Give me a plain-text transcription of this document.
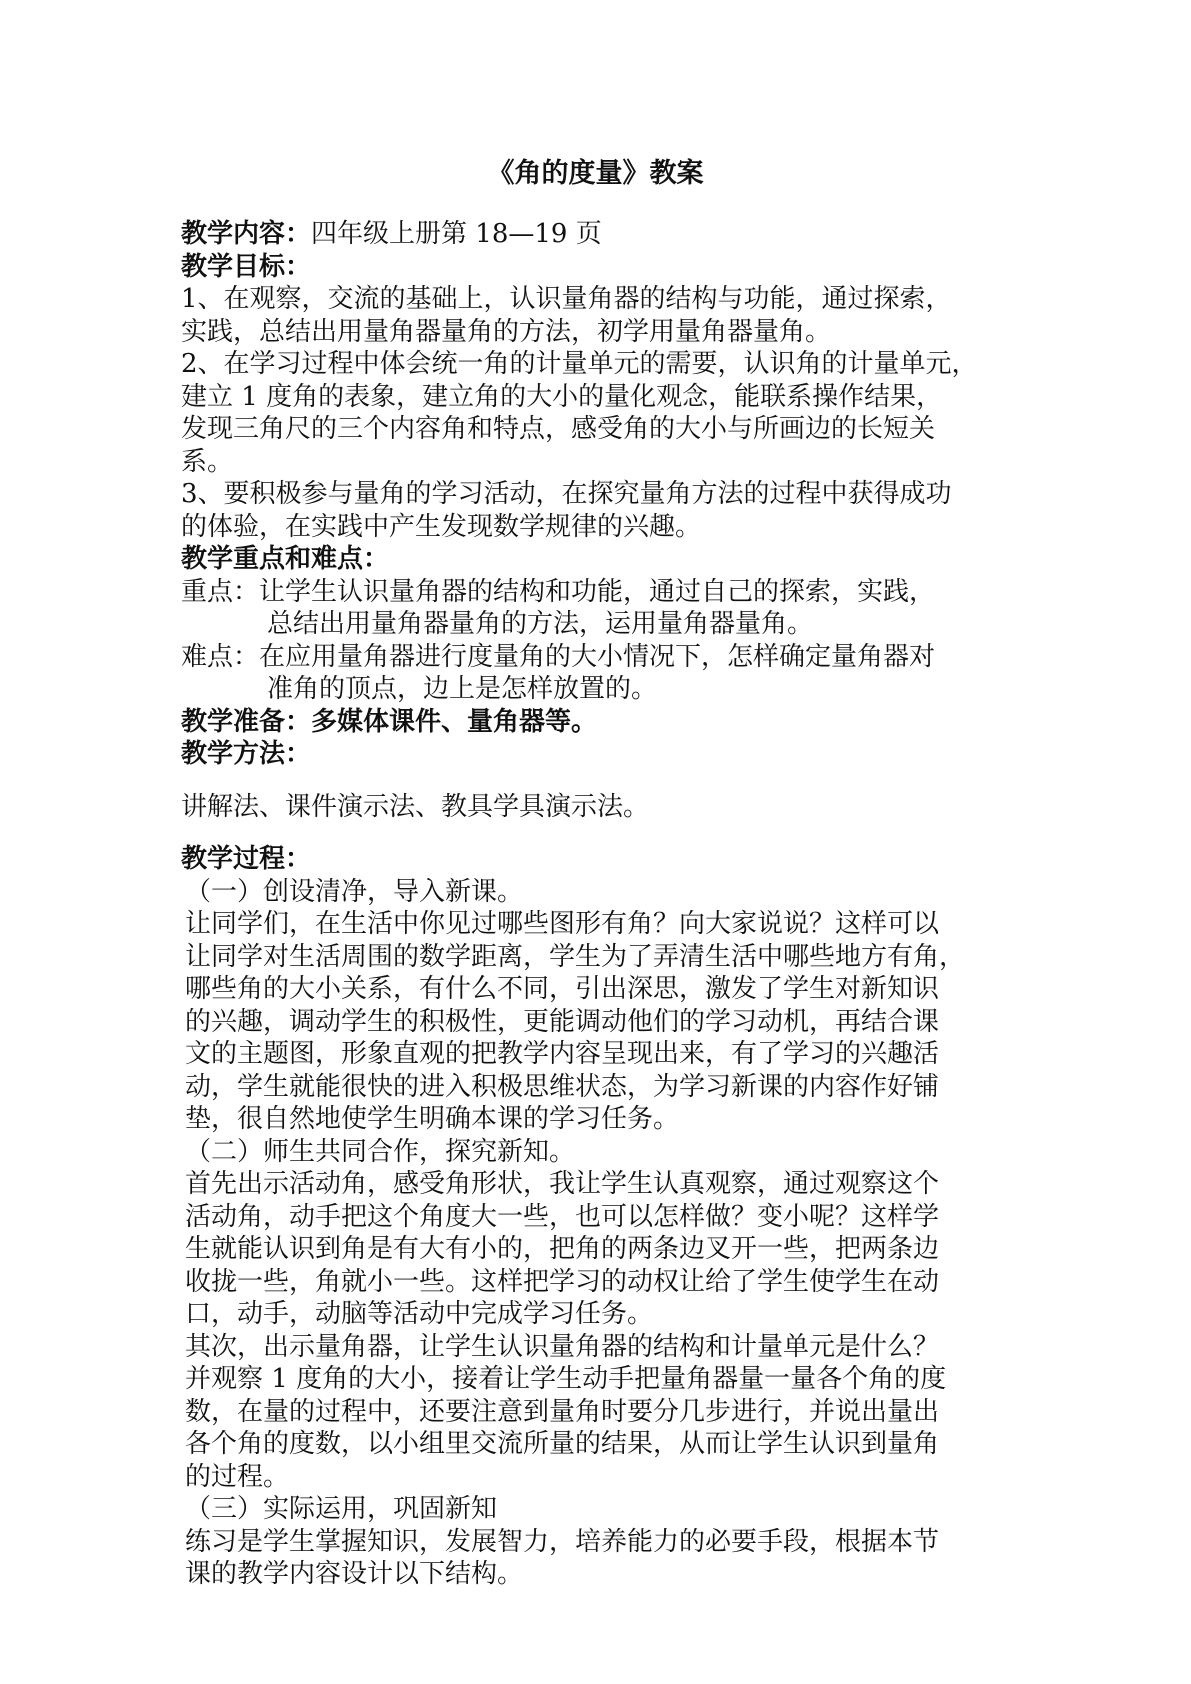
《角的度量》教案
教学内容：四年级上册第 18—19 页
教学目标：
1、在观察，交流的基础上，认识量角器的结构与功能，通过探索，
实践，总结出用量角器量角的方法，初学用量角器量角。
2、在学习过程中体会统一角的计量单元的需要，认识角的计量单元，
建立 1 度角的表象，建立角的大小的量化观念，能联系操作结果，
发现三角尺的三个内容角和特点，感受角的大小与所画边的长短关
系。
3、要积极参与量角的学习活动，在探究量角方法的过程中获得成功
的体验，在实践中产生发现数学规律的兴趣。
教学重点和难点：
重点：让学生认识量角器的结构和功能，通过自己的探索，实践，
总结出用量角器量角的方法，运用量角器量角。
难点：在应用量角器进行度量角的大小情况下，怎样确定量角器对
准角的顶点，边上是怎样放置的。
教学准备：多媒体课件、量角器等。
教学方法：
讲解法、课件演示法、教具学具演示法。
教学过程：
（一）创设清净，导入新课。
让同学们，在生活中你见过哪些图形有角？向大家说说？这样可以
让同学对生活周围的数学距离，学生为了弄清生活中哪些地方有角，
哪些角的大小关系，有什么不同，引出深思，激发了学生对新知识
的兴趣，调动学生的积极性，更能调动他们的学习动机，再结合课
文的主题图，形象直观的把教学内容呈现出来，有了学习的兴趣活
动，学生就能很快的进入积极思维状态，为学习新课的内容作好铺
垫，很自然地使学生明确本课的学习任务。
（二）师生共同合作，探究新知。
首先出示活动角，感受角形状，我让学生认真观察，通过观察这个
活动角，动手把这个角度大一些，也可以怎样做？变小呢？这样学
生就能认识到角是有大有小的，把角的两条边叉开一些，把两条边
收拢一些，角就小一些。这样把学习的动权让给了学生使学生在动
口，动手，动脑等活动中完成学习任务。
其次，出示量角器，让学生认识量角器的结构和计量单元是什么？
并观察 1 度角的大小，接着让学生动手把量角器量一量各个角的度
数，在量的过程中，还要注意到量角时要分几步进行，并说出量出
各个角的度数，以小组里交流所量的结果，从而让学生认识到量角
的过程。
（三）实际运用，巩固新知
练习是学生掌握知识，发展智力，培养能力的必要手段，根据本节
课的教学内容设计以下结构。
